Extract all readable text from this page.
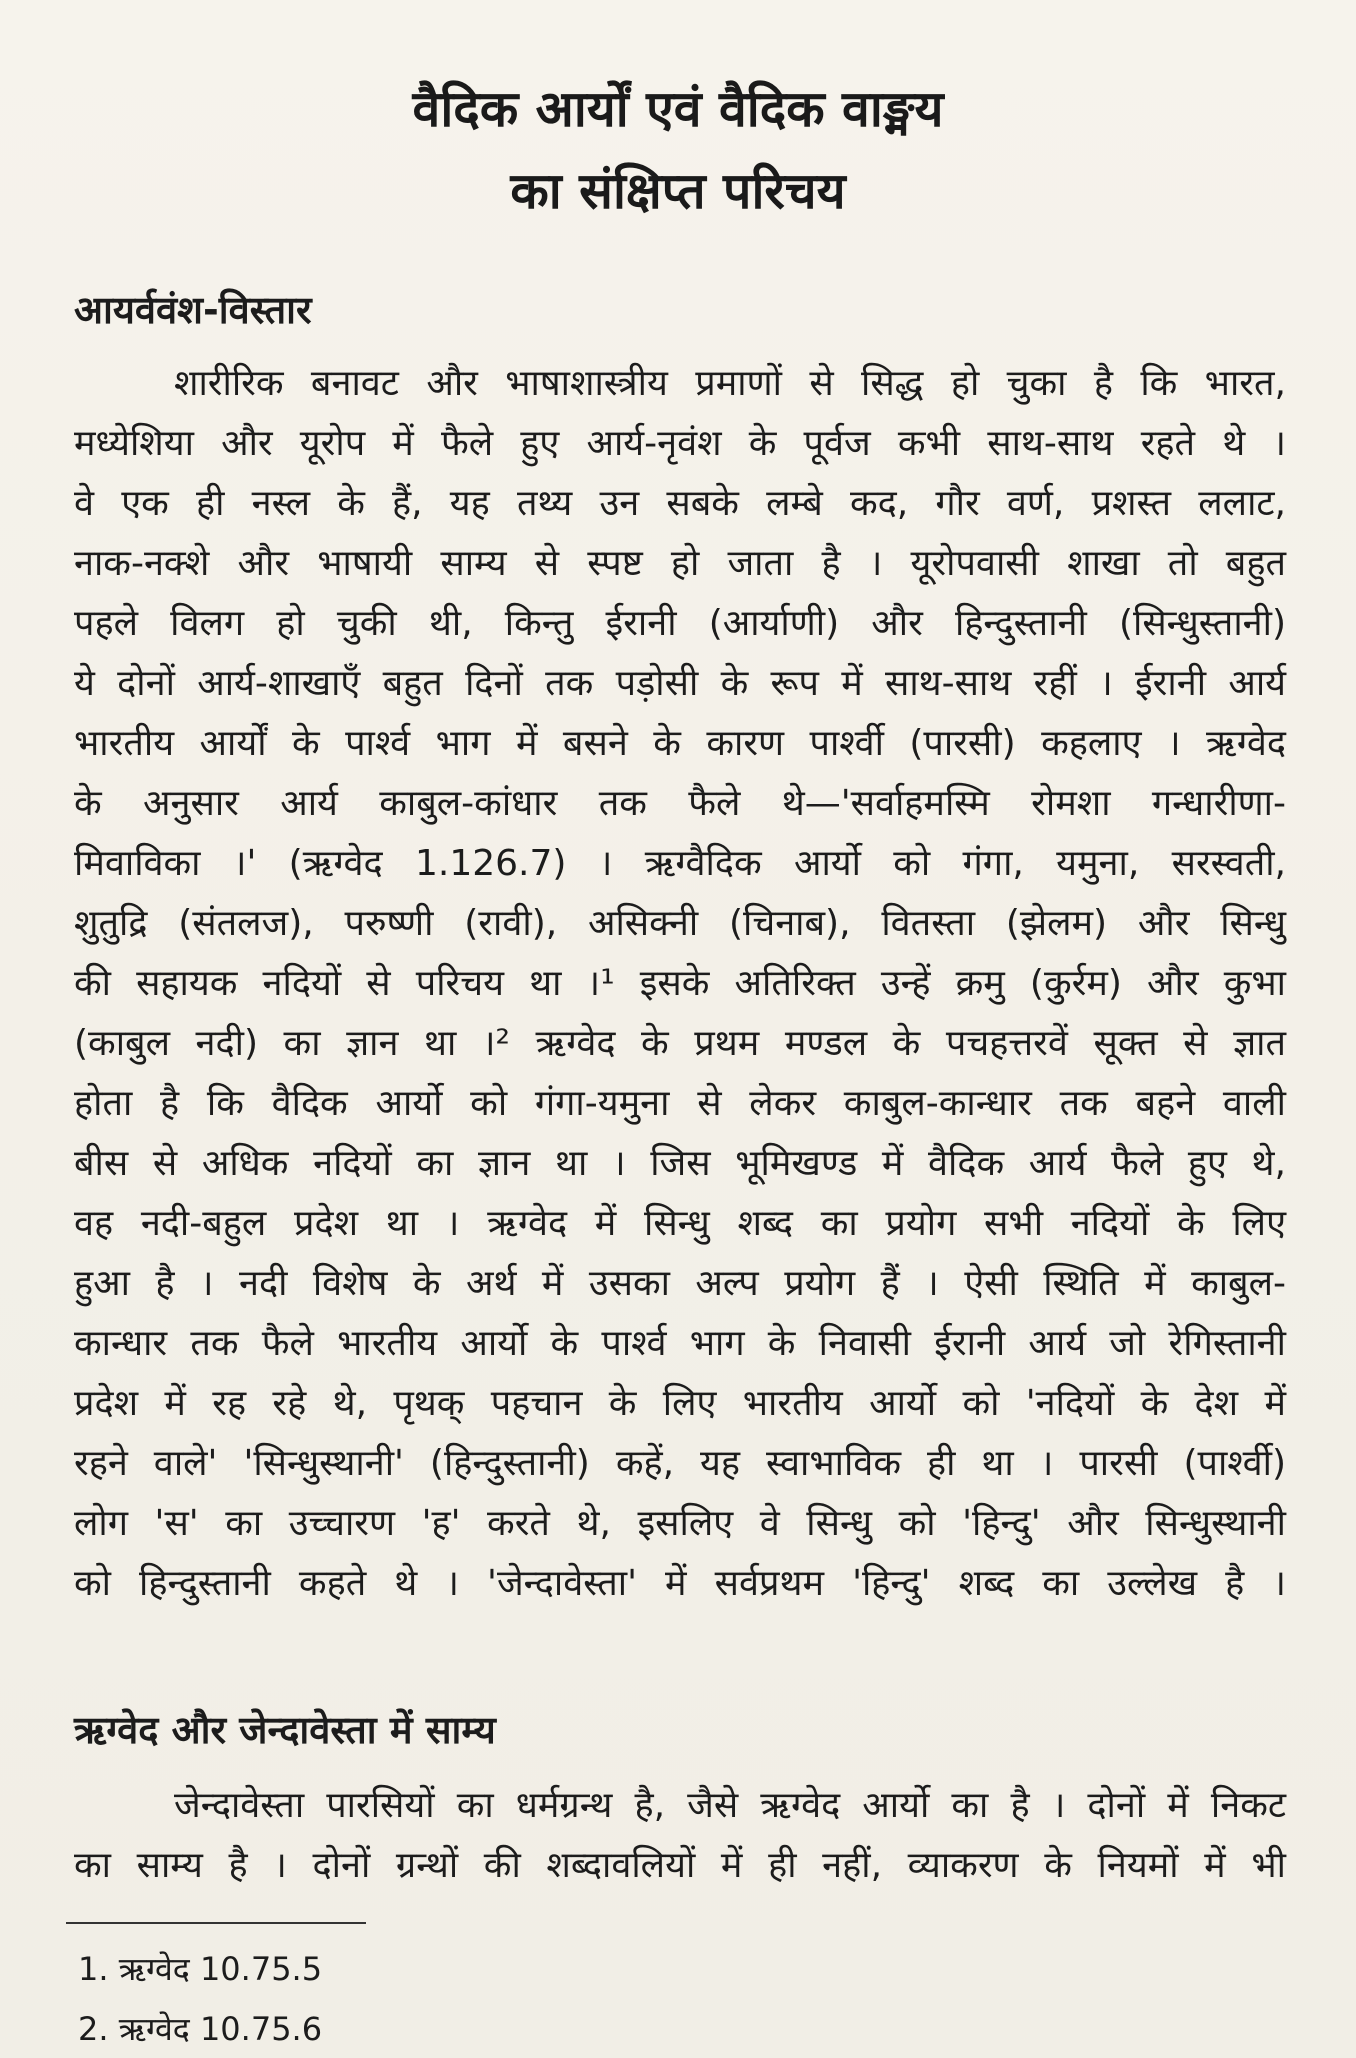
वैदिक आर्यों एवं वैदिक वाङ्मय
का संक्षिप्त परिचय
आयर्ववंश-विस्तार

शारीरिक बनावट और भाषाशास्त्रीय प्रमाणों से सिद्ध हो चुका है कि भारत,

मध्येशिया और यूरोप में फैले हुए आर्य-नृवंश के पूर्वज कभी साथ-साथ रहते थे ।

वे एक ही नस्ल के हैं, यह तथ्य उन सबके लम्बे कद, गौर वर्ण, प्रशस्त ललाट,

नाक-नक्शे और भाषायी साम्य से स्पष्ट हो जाता है । यूरोपवासी शाखा तो बहुत

पहले विलग हो चुकी थी, किन्तु ईरानी (आर्याणी) और हिन्दुस्तानी (सिन्धुस्तानी)

ये दोनों आर्य-शाखाएँ बहुत दिनों तक पड़ोसी के रूप में साथ-साथ रहीं । ईरानी आर्य

भारतीय आर्यों के पार्श्व भाग में बसने के कारण पार्श्वी (पारसी) कहलाए । ऋग्वेद

के अनुसार आर्य काबुल-कांधार तक फैले थे—'सर्वाहमस्मि रोमशा गन्धारीणा-

मिवाविका ।' (ऋग्वेद 1.126.7) । ऋग्वैदिक आर्यो को गंगा, यमुना, सरस्वती,

शुतुद्रि (संतलज), परुष्णी (रावी), असिक्नी (चिनाब), वितस्ता (झेलम) और सिन्धु

की सहायक नदियों से परिचय था ।¹ इसके अतिरिक्त उन्हें क्रमु (कुर्रम) और कुभा

(काबुल नदी) का ज्ञान था ।² ऋग्वेद के प्रथम मण्डल के पचहत्तरवें सूक्त से ज्ञात

होता है कि वैदिक आर्यो को गंगा-यमुना से लेकर काबुल-कान्धार तक बहने वाली

बीस से अधिक नदियों का ज्ञान था । जिस भूमिखण्ड में वैदिक आर्य फैले हुए थे,

वह नदी-बहुल प्रदेश था । ऋग्वेद में सिन्धु शब्द का प्रयोग सभी नदियों के लिए

हुआ है । नदी विशेष के अर्थ में उसका अल्प प्रयोग हैं । ऐसी स्थिति में काबुल-

कान्धार तक फैले भारतीय आर्यो के पार्श्व भाग के निवासी ईरानी आर्य जो रेगिस्तानी

प्रदेश में रह रहे थे, पृथक् पहचान के लिए भारतीय आर्यो को 'नदियों के देश में

रहने वाले' 'सिन्धुस्थानी' (हिन्दुस्तानी) कहें, यह स्वाभाविक ही था । पारसी (पार्श्वी)

लोग 'स' का उच्चारण 'ह' करते थे, इसलिए वे सिन्धु को 'हिन्दु' और सिन्धुस्थानी

को हिन्दुस्तानी कहते थे । 'जेन्दावेस्ता' में सर्वप्रथम 'हिन्दु' शब्द का उल्लेख है ।

ऋग्वेद और जेन्दावेस्ता में साम्य

जेन्दावेस्ता पारसियों का धर्मग्रन्थ है, जैसे ऋग्वेद आर्यो का है । दोनों में निकट

का साम्य है । दोनों ग्रन्थों की शब्दावलियों में ही नहीं, व्याकरण के नियमों में भी

1. ऋग्वेद 10.75.5

2. ऋग्वेद 10.75.6
